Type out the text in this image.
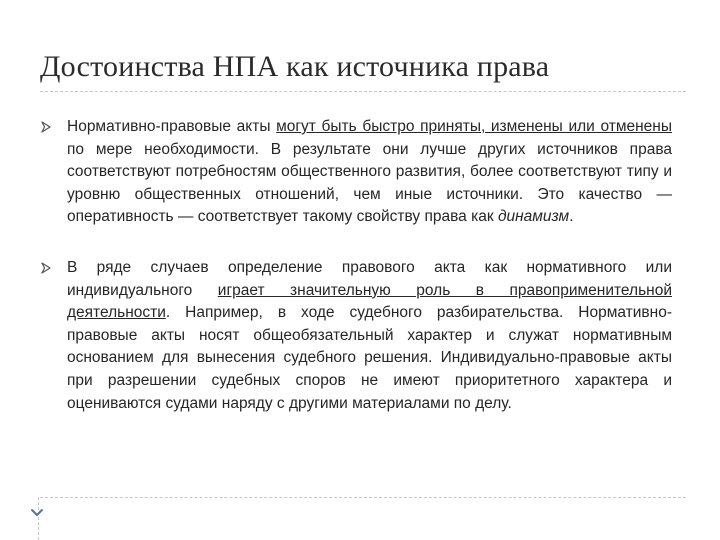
Достоинства НПА как источника права
Нормативно-правовые акты могут быть быстро приняты, изменены или отменены по мере необходимости. В результате они лучше других источников права соответствуют потребностям общественного развития, более соответствуют типу и уровню общественных отношений, чем иные источники. Это качество — оперативность — соответствует такому свойству права как динамизм.
В ряде случаев определение правового акта как нормативного или индивидуального играет значительную роль в правоприменительной деятельности. Например, в ходе судебного разбирательства. Нормативно-правовые акты носят общеобязательный характер и служат нормативным основанием для вынесения судебного решения. Индивидуально-правовые акты при разрешении судебных споров не имеют приоритетного характера и оцениваются судами наряду с другими материалами по делу.
